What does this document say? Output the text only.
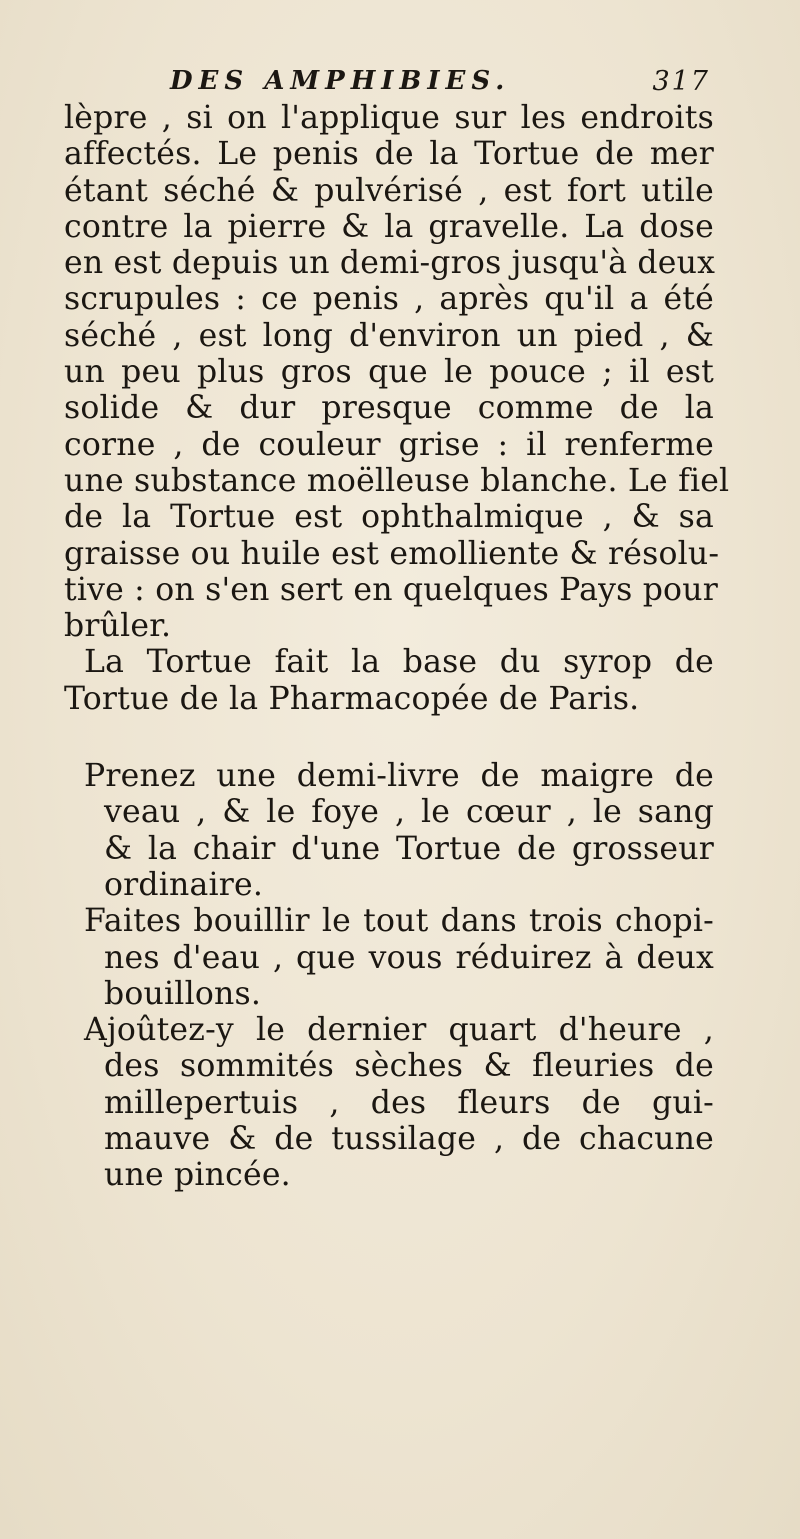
DES AMPHIBIES.	317
lèpre , si on l'applique sur les endroits
affectés. Le penis de la Tortue de mer
étant séché & pulvérisé , est fort utile
contre la pierre & la gravelle. La dose
en est depuis un demi-gros jusqu'à deux
scrupules : ce penis , après qu'il a été
séché , est long d'environ un pied , &
un peu plus gros que le pouce ; il est
solide & dur presque comme de la
corne , de couleur grise : il renferme
une substance moëlleuse blanche. Le fiel
de la Tortue est ophthalmique , & sa
graisse ou huile est emolliente & résolu-
tive : on s'en sert en quelques Pays pour
brûler.
La Tortue fait la base du syrop de
Tortue de la Pharmacopée de Paris.
Prenez une demi-livre de maigre de
veau , & le foye , le cœur , le sang
& la chair d'une Tortue de grosseur
ordinaire.
Faites bouillir le tout dans trois chopi-
nes d'eau , que vous réduirez à deux
bouillons.
Ajoûtez-y le dernier quart d'heure ,
des sommités sèches & fleuries de
millepertuis , des fleurs de gui-
mauve & de tussilage , de chacune
une pincée.
